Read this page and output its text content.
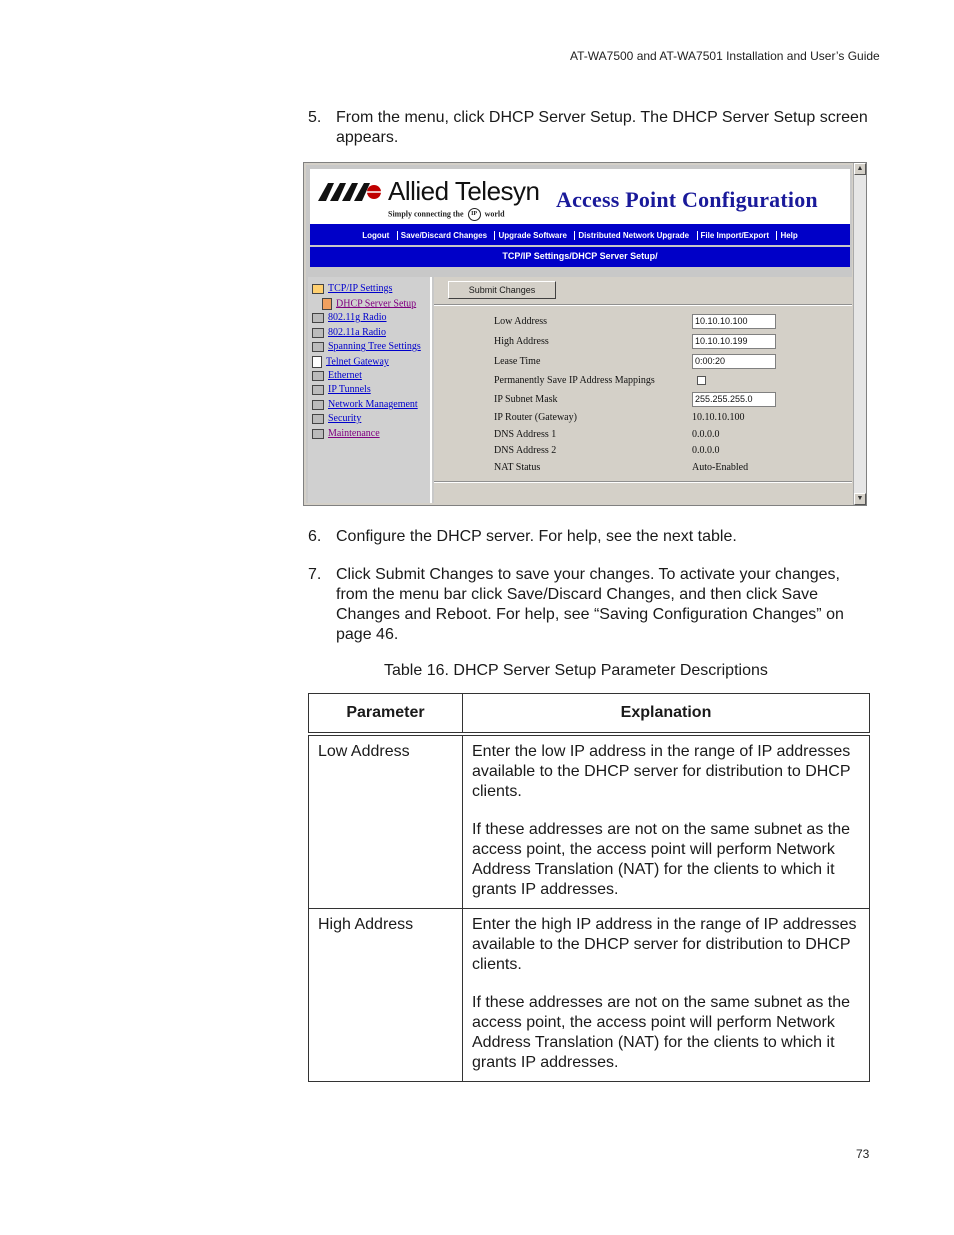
AT-WA7500 and AT-WA7501 Installation and User’s Guide
5. From the menu, click DHCP Server Setup. The DHCP Server Setup screen appears.
Allied Telesyn
Simply connecting the IP world
Access Point Configuration
Logout Save/Discard Changes Upgrade Software Distributed Network Upgrade File Import/Export Help
TCP/IP Settings/DHCP Server Setup/
TCP/IP Settings
DHCP Server Setup
802.11g Radio
802.11a Radio
Spanning Tree Settings
Telnet Gateway
Ethernet
IP Tunnels
Network Management
Security
Maintenance
Submit Changes
Low Address	10.10.10.100
High Address	10.10.10.199
Lease Time	0:00:20
Permanently Save IP Address Mappings
IP Subnet Mask	255.255.255.0
IP Router (Gateway)	10.10.10.100
DNS Address 1	0.0.0.0
DNS Address 2	0.0.0.0
NAT Status	Auto-Enabled
▲
▼
6. Configure the DHCP server. For help, see the next table.
7. Click Submit Changes to save your changes. To activate your changes, from the menu bar click Save/Discard Changes, and then click Save Changes and Reboot. For help, see “Saving Configuration Changes” on page 46.
Table 16. DHCP Server Setup Parameter Descriptions
Parameter	Explanation
Low Address	Enter the low IP address in the range of IP addresses available to the DHCP server for distribution to DHCP clients.

If these addresses are not on the same subnet as the access point, the access point will perform Network Address Translation (NAT) for the clients to which it grants IP addresses.

High Address	Enter the high IP address in the range of IP addresses available to the DHCP server for distribution to DHCP clients.

If these addresses are not on the same subnet as the access point, the access point will perform Network Address Translation (NAT) for the clients to which it grants IP addresses.

73
